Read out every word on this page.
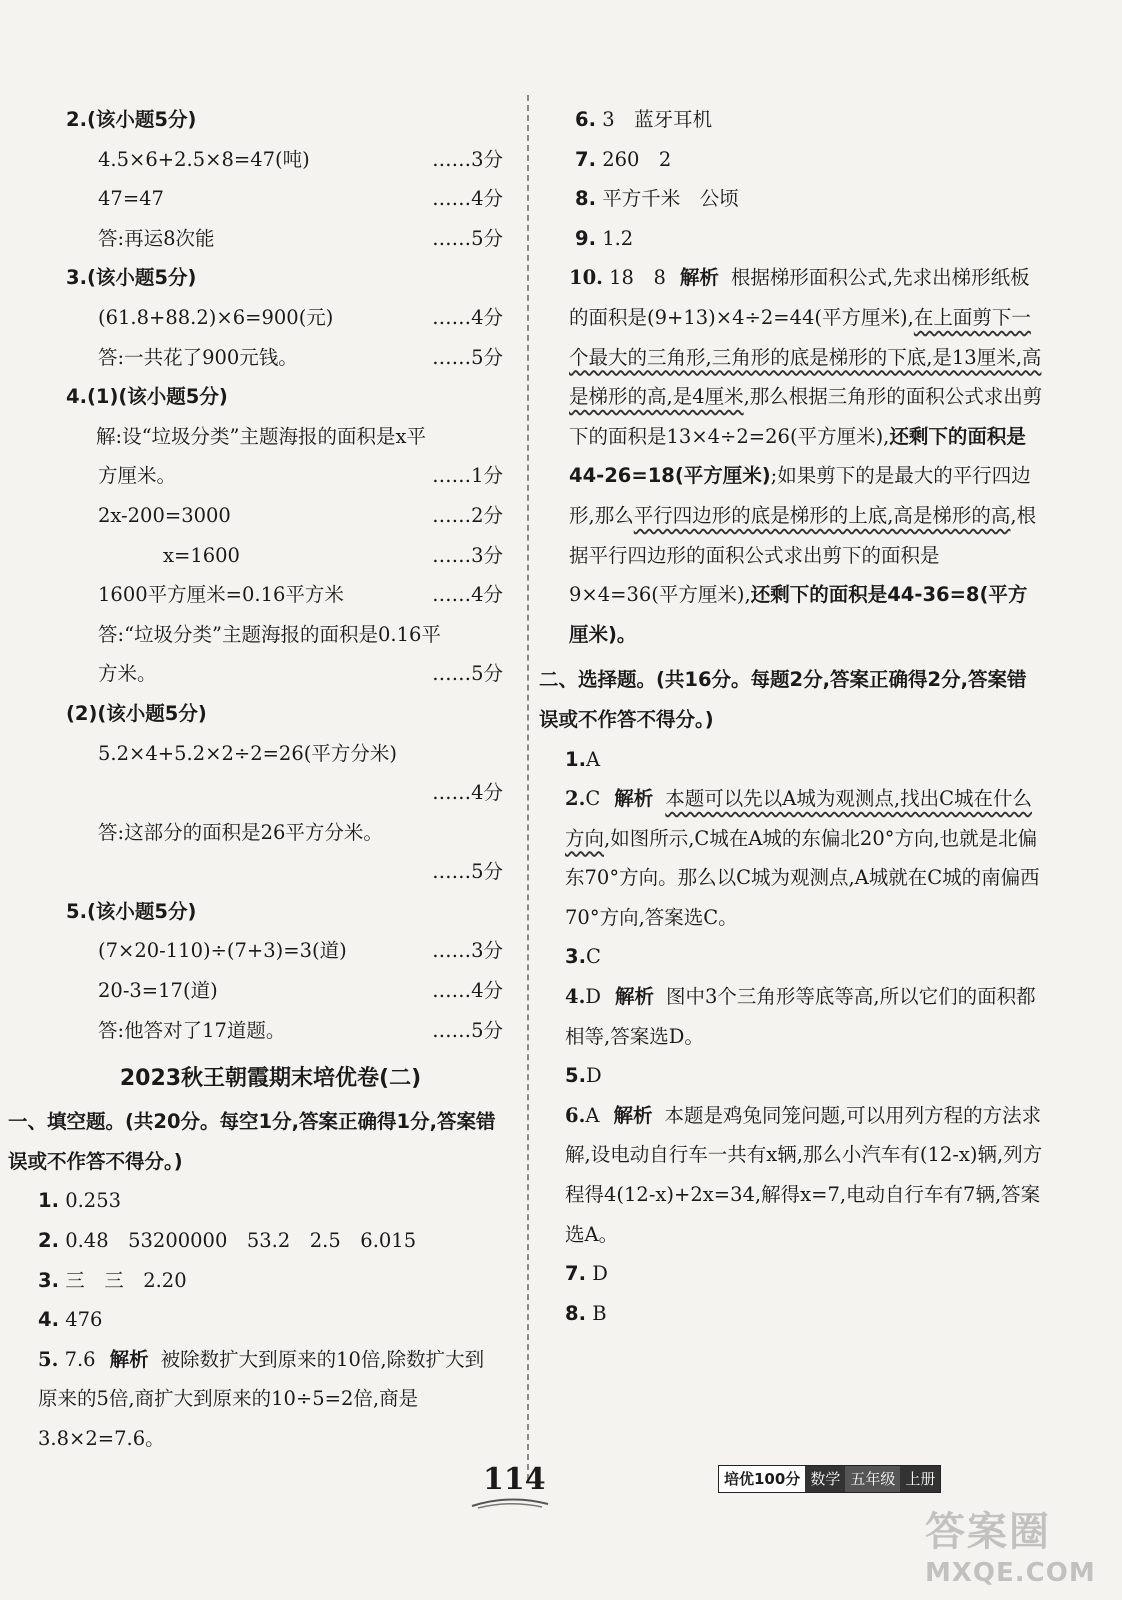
2.(该小题5分)
4.5×6+2.5×8=47(吨)	……3分
47=47	……4分
答:再运8次能	……5分
3.(该小题5分)
(61.8+88.2)×6=900(元)	……4分
答:一共花了900元钱。	……5分
4.(1)(该小题5分)
解:设“垃圾分类”主题海报的面积是x平
方厘米。	……1分
2x-200=3000	……2分
x=1600	……3分
1600平方厘米=0.16平方米	……4分
答:“垃圾分类”主题海报的面积是0.16平
方米。	……5分
(2)(该小题5分)
5.2×4+5.2×2÷2=26(平方分米)
……4分
答:这部分的面积是26平方分米。
……5分
5.(该小题5分)
(7×20-110)÷(7+3)=3(道)	……3分
20-3=17(道)	……4分
答:他答对了17道题。	……5分
2023秋王朝霞期末培优卷(二)
一、填空题。(共20分。每空1分,答案正确得1分,答案错误或不作答不得分。)
1. 0.253
2. 0.48　53200000　53.2　2.5　6.015
3. 三　三　2.20
4. 476
5. 7.6 解析 被除数扩大到原来的10倍,除数扩大到原来的5倍,商扩大到原来的10÷5=2倍,商是3.8×2=7.6。
6. 3　蓝牙耳机
7. 260　2
8. 平方千米　公顷
9. 1.2
10. 18　8 解析 根据梯形面积公式,先求出梯形纸板的面积是(9+13)×4÷2=44(平方厘米),在上面剪下一个最大的三角形,三角形的底是梯形的下底,是13厘米,高是梯形的高,是4厘米,那么根据三角形的面积公式求出剪下的面积是13×4÷2=26(平方厘米),还剩下的面积是44-26=18(平方厘米);如果剪下的是最大的平行四边形,那么平行四边形的底是梯形的上底,高是梯形的高,根据平行四边形的面积公式求出剪下的面积是9×4=36(平方厘米),还剩下的面积是44-36=8(平方厘米)。
二、选择题。(共16分。每题2分,答案正确得2分,答案错误或不作答不得分。)
1.A
2.C 解析 本题可以先以A城为观测点,找出C城在什么方向,如图所示,C城在A城的东偏北20°方向,也就是北偏东70°方向。那么以C城为观测点,A城就在C城的南偏西70°方向,答案选C。
3.C
4.D 解析 图中3个三角形等底等高,所以它们的面积都相等,答案选D。
5.D
6.A 解析 本题是鸡兔同笼问题,可以用列方程的方法求解,设电动自行车一共有x辆,那么小汽车有(12-x)辆,列方程得4(12-x)+2x=34,解得x=7,电动自行车有7辆,答案选A。
7. D
8. B
114	培优100分 数学 五年级 上册
答案圈
MXQE.COM
